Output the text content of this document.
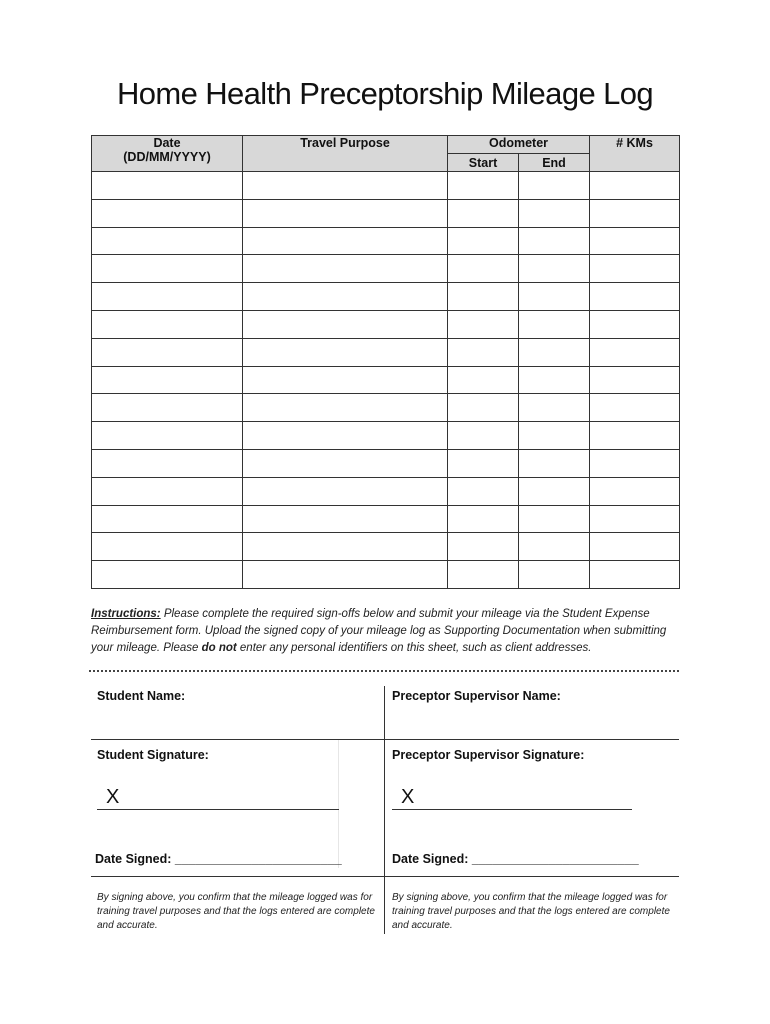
Home Health Preceptorship Mileage Log
Date
(DD/MM/YYYY)	Travel Purpose	Odometer		# KMs
		Start	End	

Instructions: Please complete the required sign-offs below and submit your mileage via the Student Expense Reimbursement form. Upload the signed copy of your mileage log as Supporting Documentation when submitting your mileage. Please do not enter any personal identifiers on this sheet, such as client addresses.
Student Name:	Preceptor Supervisor Name:
Student Signature:	Preceptor Supervisor Signature:
X	X
Date Signed: ________________________	Date Signed: ________________________
By signing above, you confirm that the mileage logged was for training travel purposes and that the logs entered are complete and accurate.
By signing above, you confirm that the mileage logged was for training travel purposes and that the logs entered are complete and accurate.
